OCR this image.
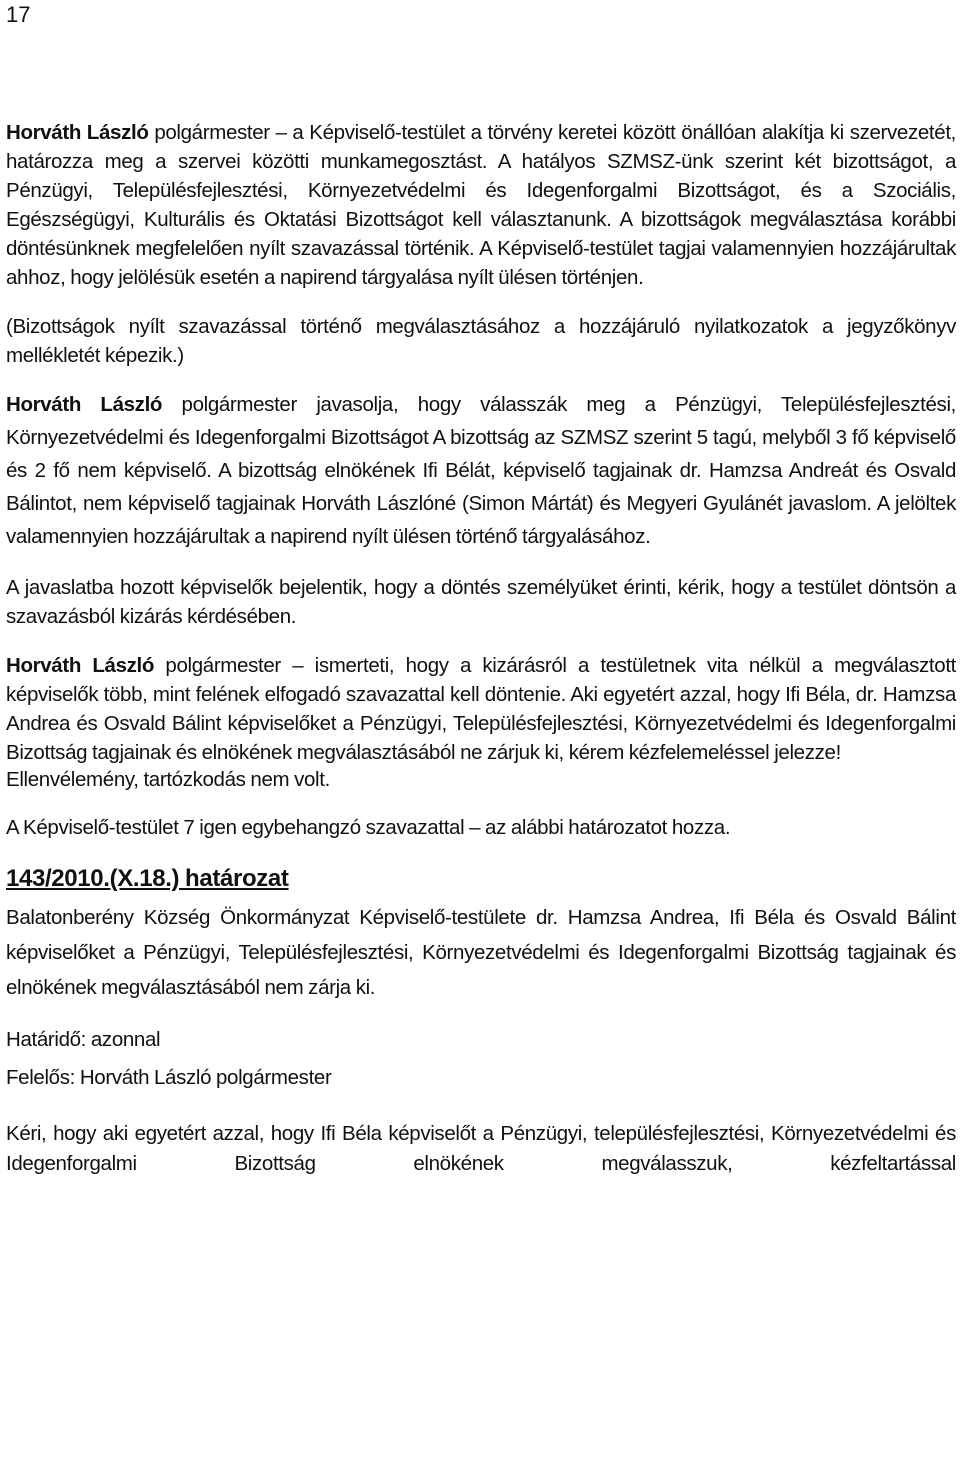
17

Horváth László polgármester – a Képviselő-testület a törvény keretei között önállóan alakítja ki szervezetét, határozza meg a szervei közötti munkamegosztást. A hatályos SZMSZ-ünk szerint két bizottságot, a Pénzügyi, Településfejlesztési, Környezetvédelmi és Idegenforgalmi Bizottságot, és a Szociális, Egészségügyi, Kulturális és Oktatási Bizottságot kell választanunk. A bizottságok megválasztása korábbi döntésünknek megfelelően nyílt szavazással történik. A Képviselő-testület tagjai valamennyien hozzájárultak ahhoz, hogy jelölésük esetén a napirend tárgyalása nyílt ülésen történjen.

(Bizottságok nyílt szavazással történő megválasztásához a hozzájáruló nyilatkozatok a jegyzőkönyv mellékletét képezik.)

Horváth László polgármester javasolja, hogy válasszák meg a Pénzügyi, Településfejlesztési, Környezetvédelmi és Idegenforgalmi Bizottságot A bizottság az SZMSZ szerint 5 tagú, melyből 3 fő képviselő és 2 fő nem képviselő. A bizottság elnökének Ifi Bélát, képviselő tagjainak dr. Hamzsa Andreát és Osvald Bálintot, nem képviselő tagjainak Horváth Lászlóné (Simon Mártát) és Megyeri Gyulánét javaslom. A jelöltek valamennyien hozzájárultak a napirend nyílt ülésen történő tárgyalásához.

A javaslatba hozott képviselők bejelentik, hogy a döntés személyüket érinti, kérik, hogy a testület döntsön a szavazásból kizárás kérdésében.

Horváth László polgármester – ismerteti, hogy a kizárásról a testületnek vita nélkül a megválasztott képviselők több, mint felének elfogadó szavazattal kell döntenie. Aki egyetért azzal, hogy Ifi Béla, dr. Hamzsa Andrea és Osvald Bálint képviselőket a Pénzügyi, Településfejlesztési, Környezetvédelmi és Idegenforgalmi Bizottság tagjainak és elnökének megválasztásából ne zárjuk ki, kérem kézfelemeléssel jelezze!

Ellenvélemény, tartózkodás nem volt.

A Képviselő-testület 7 igen egybehangzó szavazattal – az alábbi határozatot hozza.

143/2010.(X.18.) határozat

Balatonberény Község Önkormányzat Képviselő-testülete dr. Hamzsa Andrea, Ifi Béla és Osvald Bálint képviselőket a Pénzügyi, Településfejlesztési, Környezetvédelmi és Idegenforgalmi Bizottság tagjainak és elnökének megválasztásából nem zárja ki.

Határidő: azonnal

Felelős: Horváth László polgármester

Kéri, hogy aki egyetért azzal, hogy Ifi Béla képviselőt a Pénzügyi, településfejlesztési, Környezetvédelmi és Idegenforgalmi Bizottság elnökének megválasszuk, kézfeltartással
